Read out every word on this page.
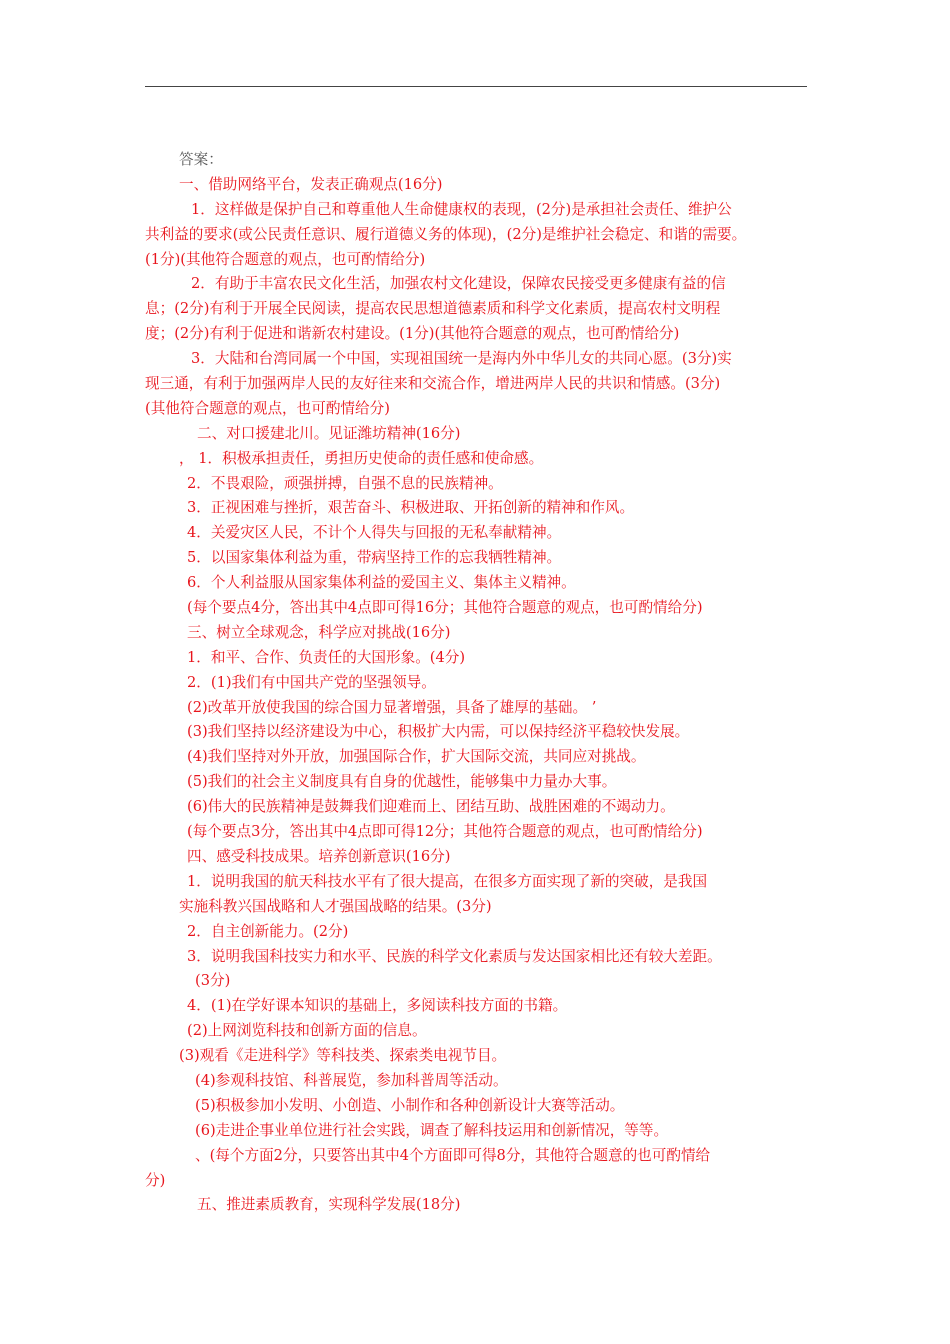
答案：
一、借助网络平台，发表正确观点(16分)
1．这样做是保护自己和尊重他人生命健康权的表现，(2分)是承担社会责任、维护公
共利益的要求(或公民责任意识、履行道德义务的体现)，(2分)是维护社会稳定、和谐的需要。
(1分)(其他符合题意的观点，也可酌情给分)
2．有助于丰富农民文化生活，加强农村文化建设，保障农民接受更多健康有益的信
息；(2分)有利于开展全民阅读，提高农民思想道德素质和科学文化素质，提高农村文明程
度；(2分)有利于促进和谐新农村建设。(1分)(其他符合题意的观点，也可酌情给分)
3．大陆和台湾同属一个中国，实现祖国统一是海内外中华儿女的共同心愿。(3分)实
现三通，有利于加强两岸人民的友好往来和交流合作，增进两岸人民的共识和情感。(3分)
(其他符合题意的观点，也可酌情给分)
二、对口援建北川。见证潍坊精神(16分)
， 1．积极承担责任，勇担历史使命的责任感和使命感。
2．不畏艰险，顽强拼搏，自强不息的民族精神。
3．正视困难与挫折，艰苦奋斗、积极进取、开拓创新的精神和作风。
4．关爱灾区人民，不计个人得失与回报的无私奉献精神。
5．以国家集体利益为重，带病坚持工作的忘我牺牲精神。
6．个人利益服从国家集体利益的爱国主义、集体主义精神。
(每个要点4分，答出其中4点即可得16分；其他符合题意的观点，也可酌情给分)
三、树立全球观念，科学应对挑战(16分)
1．和平、合作、负责任的大国形象。(4分)
2．(1)我们有中国共产党的坚强领导。
(2)改革开放使我国的综合国力显著增强，具备了雄厚的基础。 ’
(3)我们坚持以经济建设为中心，积极扩大内需，可以保持经济平稳较快发展。
(4)我们坚持对外开放，加强国际合作，扩大国际交流，共同应对挑战。
(5)我们的社会主义制度具有自身的优越性，能够集中力量办大事。
(6)伟大的民族精神是鼓舞我们迎难而上、团结互助、战胜困难的不竭动力。
(每个要点3分，答出其中4点即可得12分；其他符合题意的观点，也可酌情给分)
四、感受科技成果。培养创新意识(16分)
1．说明我国的航天科技水平有了很大提高，在很多方面实现了新的突破，是我国
实施科教兴国战略和人才强国战略的结果。(3分)
2．自主创新能力。(2分)
3．说明我国科技实力和水平、民族的科学文化素质与发达国家相比还有较大差距。
(3分)
4．(1)在学好课本知识的基础上，多阅读科技方面的书籍。
(2)上网浏览科技和创新方面的信息。
(3)观看《走进科学》等科技类、探索类电视节目。
(4)参观科技馆、科普展览，参加科普周等活动。
(5)积极参加小发明、小创造、小制作和各种创新设计大赛等活动。
(6)走进企事业单位进行社会实践，调查了解科技运用和创新情况，等等。
、(每个方面2分，只要答出其中4个方面即可得8分，其他符合题意的也可酌情给
分)
五、推进素质教育，实现科学发展(18分)
